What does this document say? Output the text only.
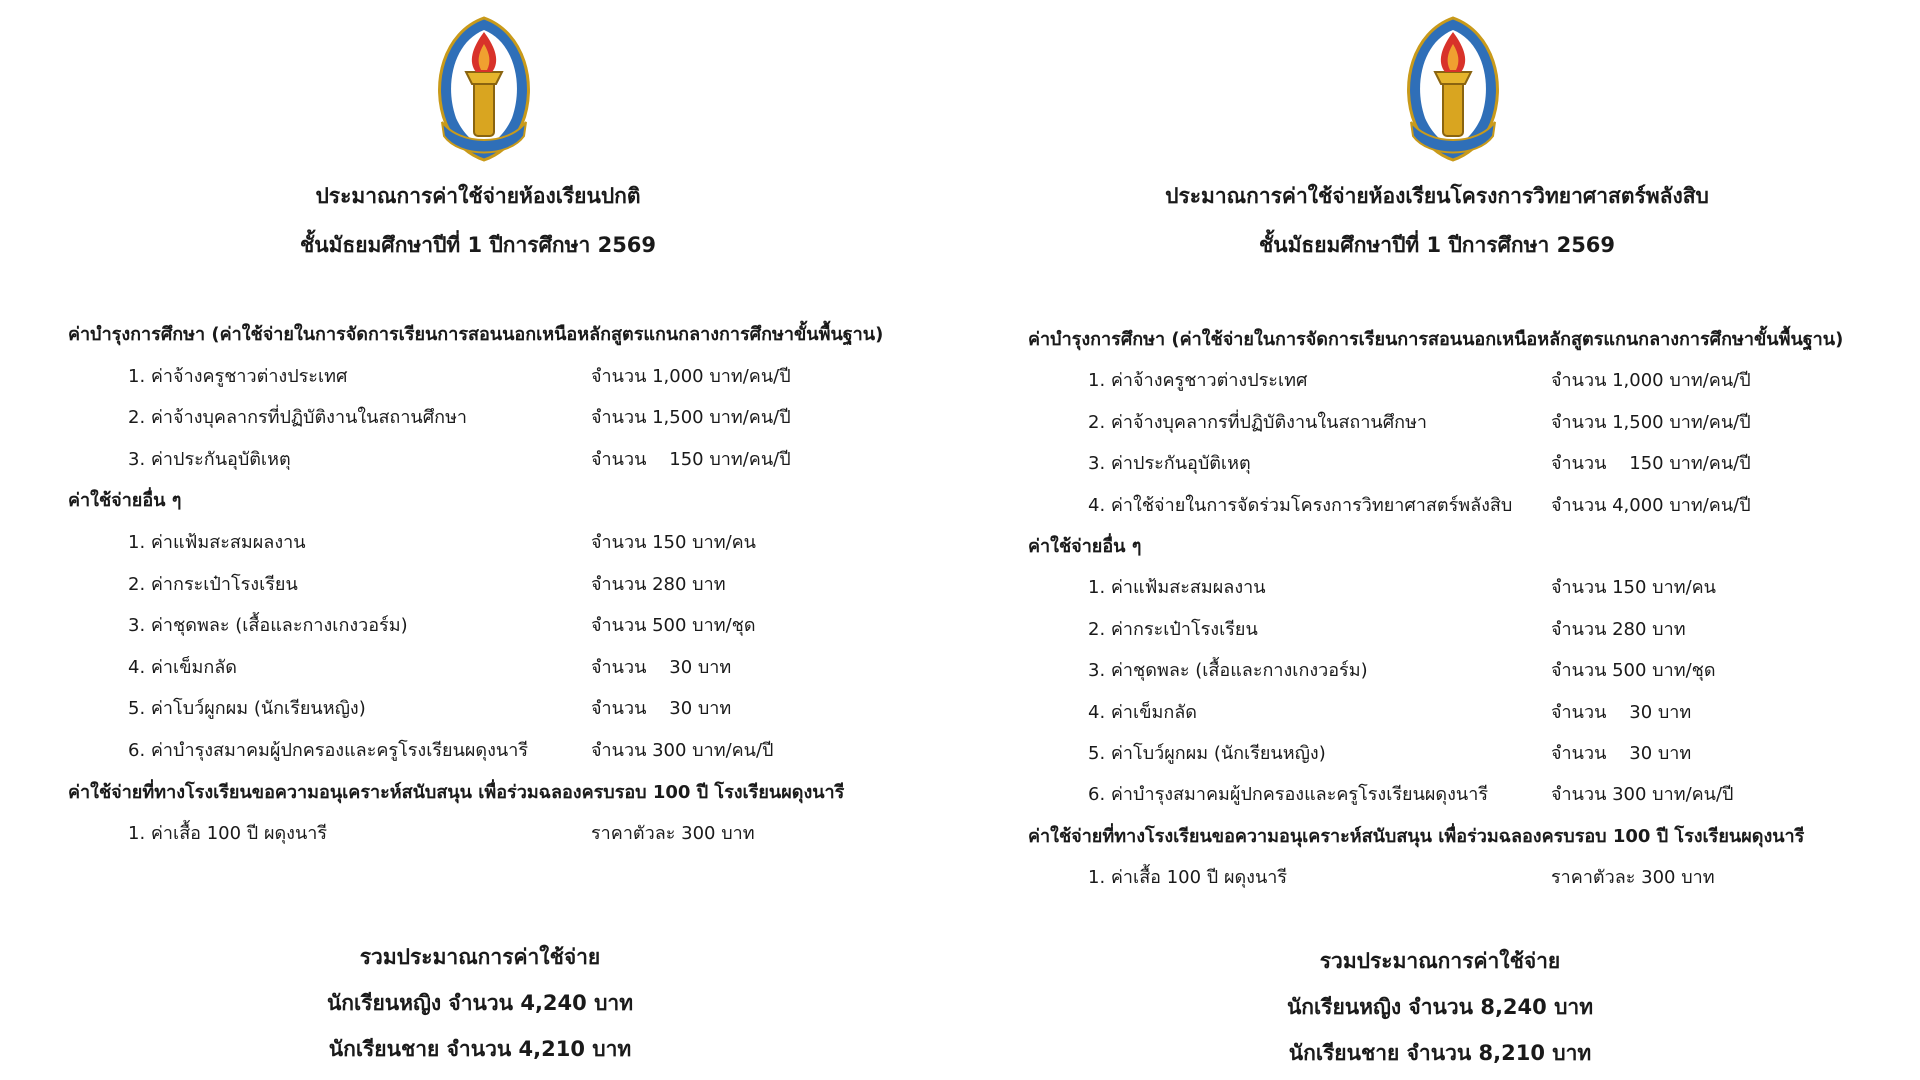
ประมาณการค่าใช้จ่ายห้องเรียนปกติ
ชั้นมัธยมศึกษาปีที่ 1 ปีการศึกษา 2569
ค่าบำรุงการศึกษา (ค่าใช้จ่ายในการจัดการเรียนการสอนนอกเหนือหลักสูตรแกนกลางการศึกษาขั้นพื้นฐาน)
1. ค่าจ้างครูชาวต่างประเทศ	จำนวน 1,000 บาท/คน/ปี
2. ค่าจ้างบุคลากรที่ปฏิบัติงานในสถานศึกษา	จำนวน 1,500 บาท/คน/ปี
3. ค่าประกันอุบัติเหตุ	จำนวน    150 บาท/คน/ปี
ค่าใช้จ่ายอื่น ๆ
1. ค่าแฟ้มสะสมผลงาน	จำนวน 150 บาท/คน
2. ค่ากระเป๋าโรงเรียน	จำนวน 280 บาท
3. ค่าชุดพละ (เสื้อและกางเกงวอร์ม)	จำนวน 500 บาท/ชุด
4. ค่าเข็มกลัด	จำนวน    30 บาท
5. ค่าโบว์ผูกผม (นักเรียนหญิง)	จำนวน    30 บาท
6. ค่าบำรุงสมาคมผู้ปกครองและครูโรงเรียนผดุงนารี	จำนวน 300 บาท/คน/ปี
ค่าใช้จ่ายที่ทางโรงเรียนขอความอนุเคราะห์สนับสนุน เพื่อร่วมฉลองครบรอบ 100 ปี โรงเรียนผดุงนารี
1. ค่าเสื้อ 100 ปี ผดุงนารี	ราคาตัวละ 300 บาท
รวมประมาณการค่าใช้จ่าย
นักเรียนหญิง จำนวน 4,240 บาท
นักเรียนชาย จำนวน 4,210 บาท
ประมาณการค่าใช้จ่ายห้องเรียนโครงการวิทยาศาสตร์พลังสิบ
ชั้นมัธยมศึกษาปีที่ 1 ปีการศึกษา 2569
ค่าบำรุงการศึกษา (ค่าใช้จ่ายในการจัดการเรียนการสอนนอกเหนือหลักสูตรแกนกลางการศึกษาขั้นพื้นฐาน)
1. ค่าจ้างครูชาวต่างประเทศ	จำนวน 1,000 บาท/คน/ปี
2. ค่าจ้างบุคลากรที่ปฏิบัติงานในสถานศึกษา	จำนวน 1,500 บาท/คน/ปี
3. ค่าประกันอุบัติเหตุ	จำนวน    150 บาท/คน/ปี
4. ค่าใช้จ่ายในการจัดร่วมโครงการวิทยาศาสตร์พลังสิบ จำนวน 4,000 บาท/คน/ปี
ค่าใช้จ่ายอื่น ๆ
1. ค่าแฟ้มสะสมผลงาน	จำนวน 150 บาท/คน
2. ค่ากระเป๋าโรงเรียน	จำนวน 280 บาท
3. ค่าชุดพละ (เสื้อและกางเกงวอร์ม)	จำนวน 500 บาท/ชุด
4. ค่าเข็มกลัด	จำนวน    30 บาท
5. ค่าโบว์ผูกผม (นักเรียนหญิง)	จำนวน    30 บาท
6. ค่าบำรุงสมาคมผู้ปกครองและครูโรงเรียนผดุงนารี	จำนวน 300 บาท/คน/ปี
ค่าใช้จ่ายที่ทางโรงเรียนขอความอนุเคราะห์สนับสนุน เพื่อร่วมฉลองครบรอบ 100 ปี โรงเรียนผดุงนารี
1. ค่าเสื้อ 100 ปี ผดุงนารี	ราคาตัวละ 300 บาท
รวมประมาณการค่าใช้จ่าย
นักเรียนหญิง จำนวน 8,240 บาท
นักเรียนชาย จำนวน 8,210 บาท
